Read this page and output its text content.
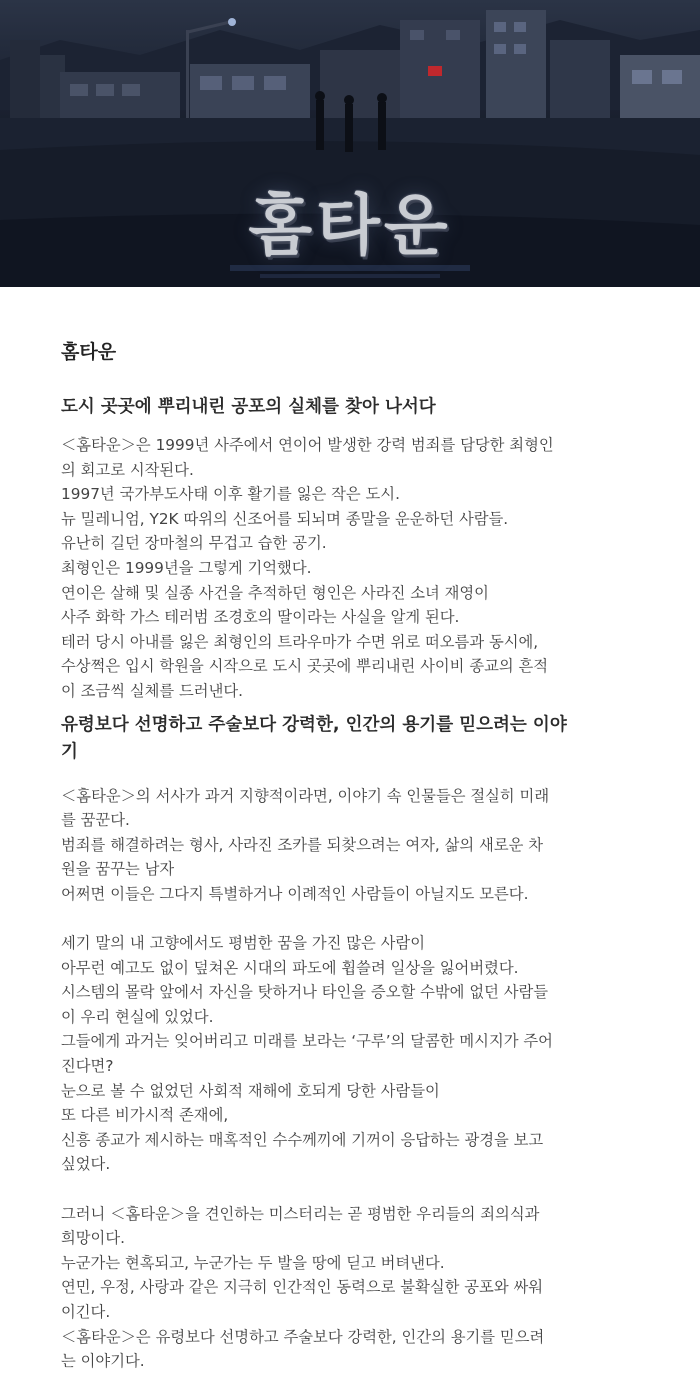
홈타운
홈타운
도시 곳곳에 뿌리내린 공포의 실체를 찾아 나서다

＜홈타운＞은 1999년 사주에서 연이어 발생한 강력 범죄를 담당한 최형인
의 회고로 시작된다.
1997년 국가부도사태 이후 활기를 잃은 작은 도시.
뉴 밀레니엄, Y2K 따위의 신조어를 되뇌며 종말을 운운하던 사람들.
유난히 길던 장마철의 무겁고 습한 공기.
최형인은 1999년을 그렇게 기억했다.
연이은 살해 및 실종 사건을 추적하던 형인은 사라진 소녀 재영이
사주 화학 가스 테러범 조경호의 딸이라는 사실을 알게 된다.
테러 당시 아내를 잃은 최형인의 트라우마가 수면 위로 떠오름과 동시에,
수상쩍은 입시 학원을 시작으로 도시 곳곳에 뿌리내린 사이비 종교의 흔적
이 조금씩 실체를 드러낸다.

유령보다 선명하고 주술보다 강력한, 인간의 용기를 믿으려는 이야
기

＜홈타운＞의 서사가 과거 지향적이라면, 이야기 속 인물들은 절실히 미래
를 꿈꾼다.
범죄를 해결하려는 형사, 사라진 조카를 되찾으려는 여자, 삶의 새로운 차
원을 꿈꾸는 남자
어쩌면 이들은 그다지 특별하거나 이례적인 사람들이 아닐지도 모른다.

세기 말의 내 고향에서도 평범한 꿈을 가진 많은 사람이
아무런 예고도 없이 덮쳐온 시대의 파도에 휩쓸려 일상을 잃어버렸다.
시스템의 몰락 앞에서 자신을 탓하거나 타인을 증오할 수밖에 없던 사람들
이 우리 현실에 있었다.
그들에게 과거는 잊어버리고 미래를 보라는 ‘구루’의 달콤한 메시지가 주어
진다면?
눈으로 볼 수 없었던 사회적 재해에 호되게 당한 사람들이
또 다른 비가시적 존재에,
신흥 종교가 제시하는 매혹적인 수수께끼에 기꺼이 응답하는 광경을 보고
싶었다.

그러니 ＜홈타운＞을 견인하는 미스터리는 곧 평범한 우리들의 죄의식과
희망이다.
누군가는 현혹되고, 누군가는 두 발을 땅에 딛고 버텨낸다.
연민, 우정, 사랑과 같은 지극히 인간적인 동력으로 불확실한 공포와 싸워
이긴다.
＜홈타운＞은 유령보다 선명하고 주술보다 강력한, 인간의 용기를 믿으려
는 이야기다.
